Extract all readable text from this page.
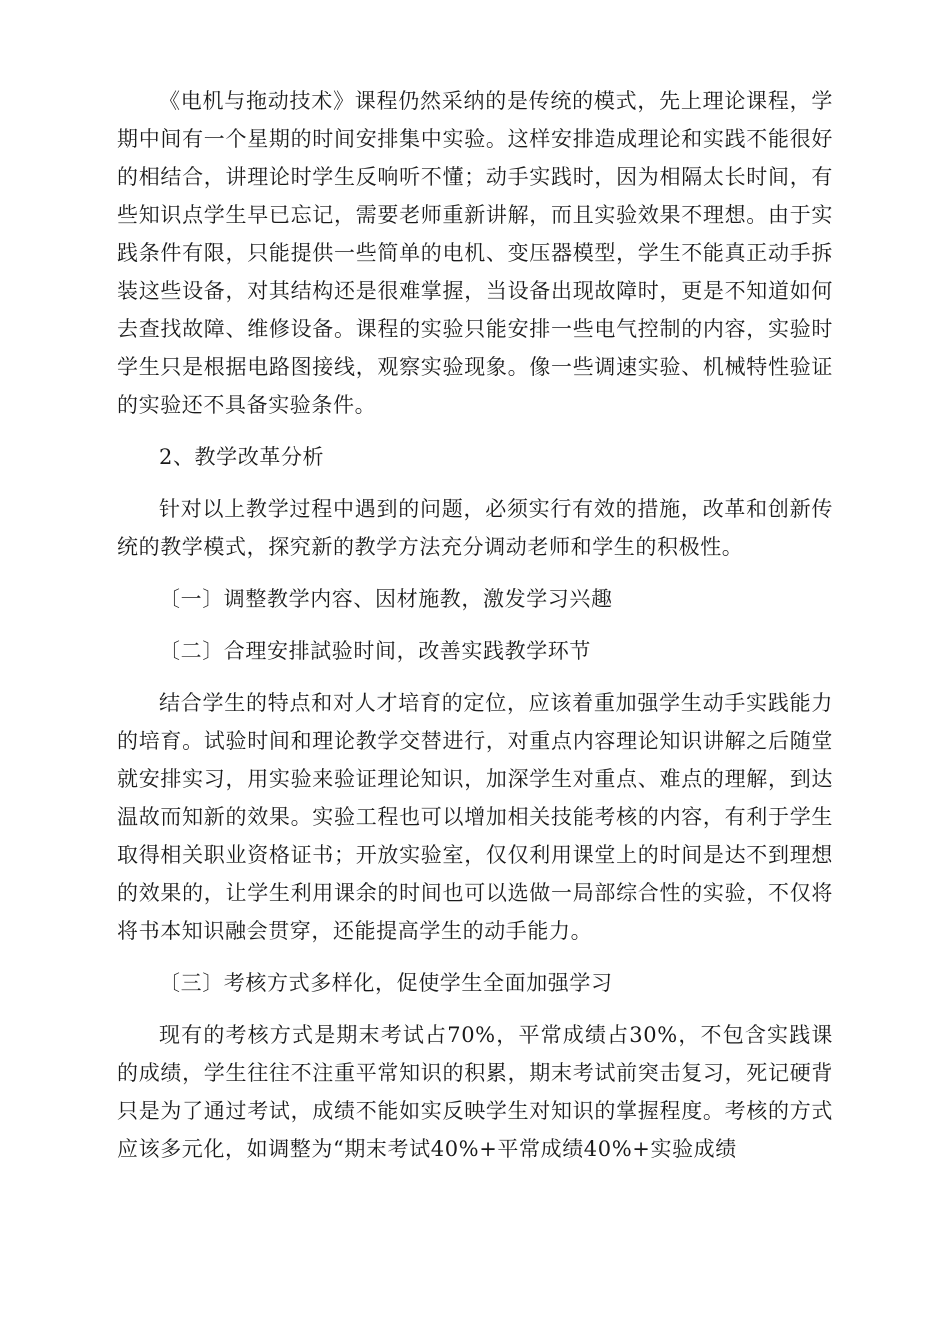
《电机与拖动技术》课程仍然采纳的是传统的模式，先上理论课程，学期中间有一个星期的时间安排集中实验。这样安排造成理论和实践不能很好的相结合，讲理论时学生反响听不懂；动手实践时，因为相隔太长时间，有些知识点学生早已忘记，需要老师重新讲解，而且实验效果不理想。由于实践条件有限，只能提供一些简单的电机、变压器模型，学生不能真正动手拆装这些设备，对其结构还是很难掌握，当设备出现故障时，更是不知道如何去查找故障、维修设备。课程的实验只能安排一些电气控制的内容，实验时学生只是根据电路图接线，观察实验现象。像一些调速实验、机械特性验证的实验还不具备实验条件。

2、教学改革分析

针对以上教学过程中遇到的问题，必须实行有效的措施，改革和创新传统的教学模式，探究新的教学方法充分调动老师和学生的积极性。

〔一〕调整教学内容、因材施教，激发学习兴趣

〔二〕合理安排試验时间，改善实践教学环节

结合学生的特点和对人才培育的定位，应该着重加强学生动手实践能力的培育。试验时间和理论教学交替进行，对重点内容理论知识讲解之后随堂就安排实习，用实验来验证理论知识，加深学生对重点、难点的理解，到达温故而知新的效果。实验工程也可以增加相关技能考核的内容，有利于学生取得相关职业资格证书；开放实验室，仅仅利用课堂上的时间是达不到理想的效果的，让学生利用课余的时间也可以选做一局部综合性的实验，不仅将将书本知识融会贯穿，还能提高学生的动手能力。

〔三〕考核方式多样化，促使学生全面加强学习

现有的考核方式是期末考试占70%，平常成绩占30%，不包含实践课的成绩，学生往往不注重平常知识的积累，期末考试前突击复习，死记硬背只是为了通过考试，成绩不能如实反映学生对知识的掌握程度。考核的方式应该多元化，如调整为“期末考试40%+平常成绩40%+实验成绩
